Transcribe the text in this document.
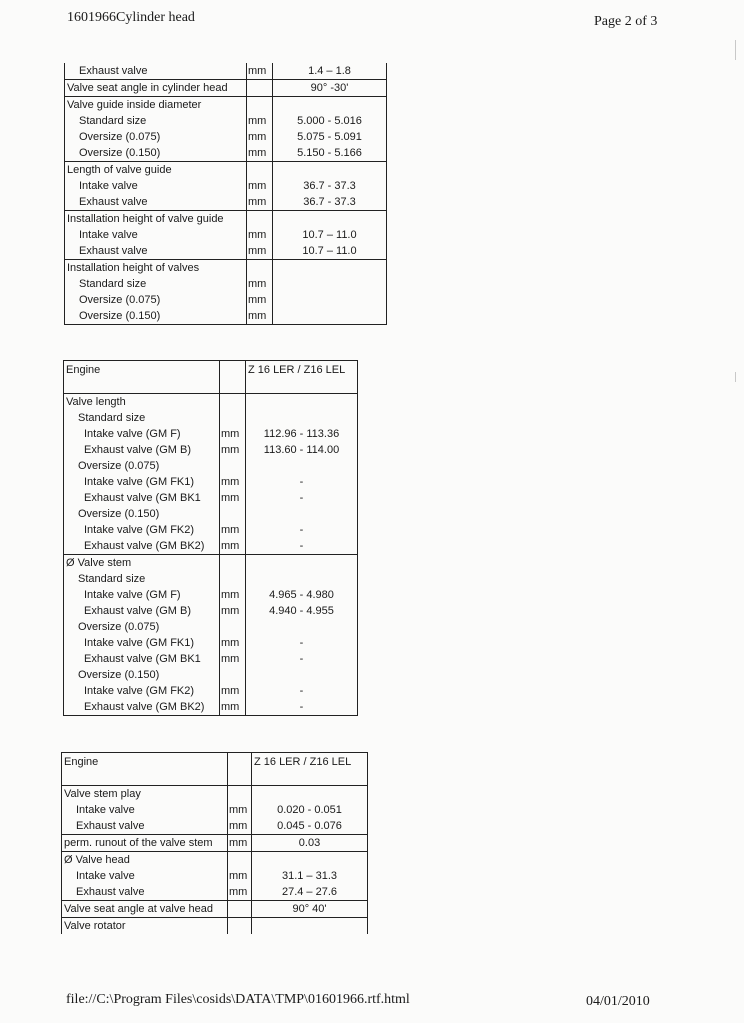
1601966Cylinder head	Page 2 of 3
Exhaust valve	mm	1.4 – 1.8
Valve seat angle in cylinder head		90° -30'
Valve guide inside diameter		
Standard size	mm	5.000 - 5.016
Oversize (0.075)	mm	5.075 - 5.091
Oversize (0.150)	mm	5.150 - 5.166
Length of valve guide		
Intake valve	mm	36.7 - 37.3
Exhaust valve	mm	36.7 - 37.3
Installation height of valve guide		
Intake valve	mm	10.7 – 11.0
Exhaust valve	mm	10.7 – 11.0
Installation height of valves		
Standard size	mm	
Oversize (0.075)	mm	
Oversize (0.150)	mm	
Engine		Z 16 LER / Z16 LEL
Valve length		
Standard size		
Intake valve (GM F)	mm	112.96 - 113.36
Exhaust valve (GM B)	mm	113.60 - 114.00
Oversize (0.075)		
Intake valve (GM FK1)	mm	-
Exhaust valve (GM BK1	mm	-
Oversize (0.150)		
Intake valve (GM FK2)	mm	-
Exhaust valve (GM BK2)	mm	-
Ø Valve stem		
Standard size		
Intake valve (GM F)	mm	4.965 - 4.980
Exhaust valve (GM B)	mm	4.940 - 4.955
Oversize (0.075)		
Intake valve (GM FK1)	mm	-
Exhaust valve (GM BK1	mm	-
Oversize (0.150)		
Intake valve (GM FK2)	mm	-
Exhaust valve (GM BK2)	mm	-
Engine		Z 16 LER / Z16 LEL
Valve stem play		
Intake valve	mm	0.020 - 0.051
Exhaust valve	mm	0.045 - 0.076
perm. runout of the valve stem	mm	0.03
Ø Valve head		
Intake valve	mm	31.1 – 31.3
Exhaust valve	mm	27.4 – 27.6
Valve seat angle at valve head		90° 40'
Valve rotator		
file://C:\Program Files\cosids\DATA\TMP\01601966.rtf.html	04/01/2010
